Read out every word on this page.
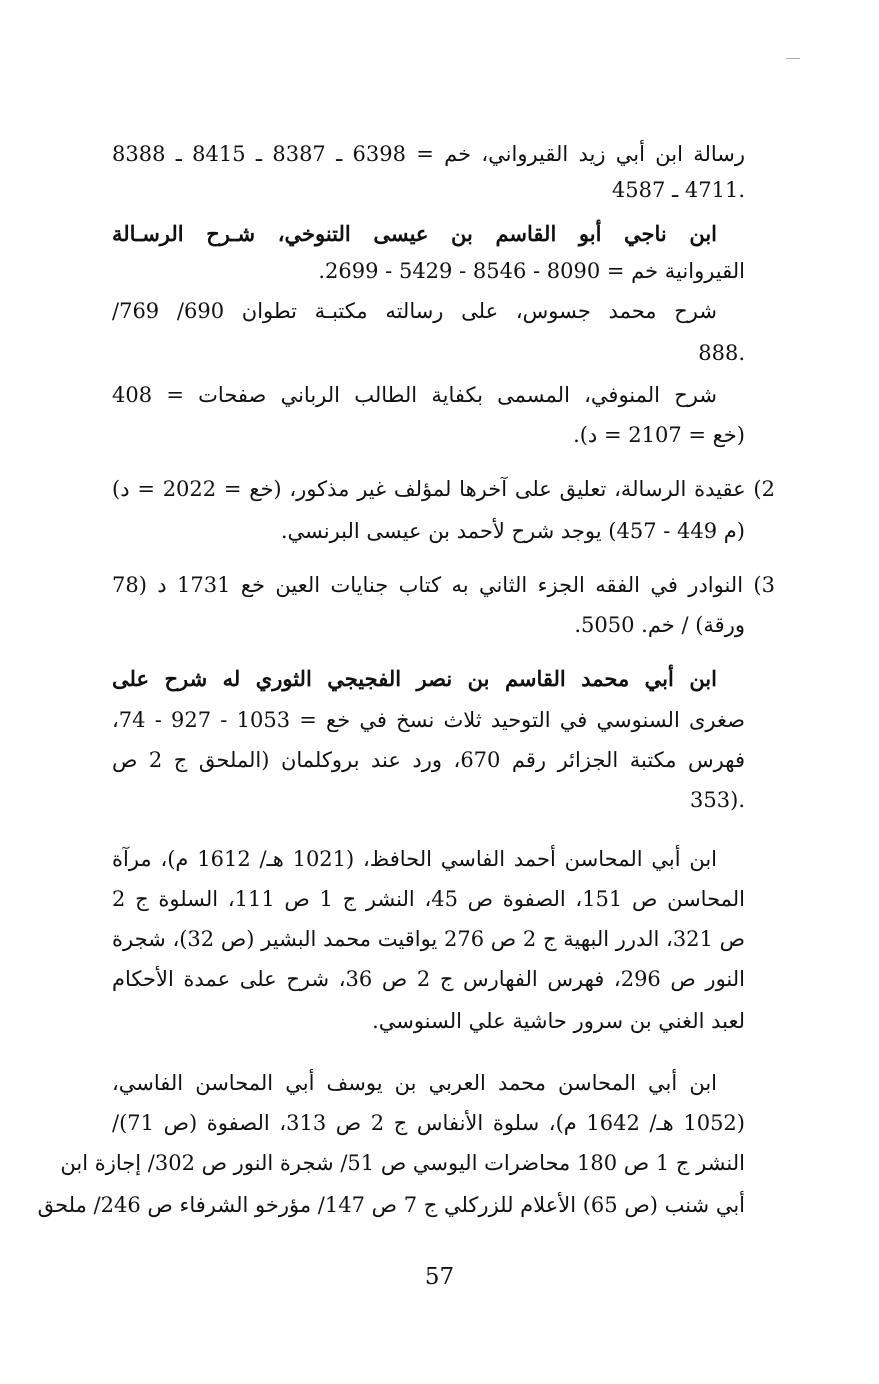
رسالة ابن أبي زيد القيرواني، خم = 6398 ـ 8387 ـ 8415 ـ 8388
.4711 ـ 4587
ابن ناجي أبو القاسم بن عيسى التنوخي، شـرح الرسـالة
القيروانية خم = 8090 - 8546 - 5429 - 2699.
شرح محمد جسوس، على رسالته مكتبـة تطوان 690/ 769/
888.
شرح المنوفي، المسمى بكفاية الطالب الرباني صفحات = 408
(خع = 2107 = د).
2) عقيدة الرسالة، تعليق على آخرها لمؤلف غير مذكور، (خع = 2022 = د)
(م 449 - 457) يوجد شرح لأحمد بن عيسى البرنسي.
3) النوادر في الفقه الجزء الثاني به كتاب جنايات العين خع 1731 د (78
ورقة) / خم. 5050.
ابن أبي محمد القاسم بن نصر الفجيجي الثوري له شرح على
صغرى السنوسي في التوحيد ثلاث نسخ في خع = 1053 - 927 - 74،
فهرس مكتبة الجزائر رقم 670، ورد عند بروكلمان (الملحق ج 2 ص
353).
ابن أبي المحاسن أحمد الفاسي الحافظ، (1021 هـ/ 1612 م)، مرآة
المحاسن ص 151، الصفوة ص 45، النشر ج 1 ص 111، السلوة ج 2
ص 321، الدرر البهية ج 2 ص 276 يواقيت محمد البشير (ص 32)، شجرة
النور ص 296، فهرس الفهارس ج 2 ص 36، شرح على عمدة الأحكام
لعبد الغني بن سرور حاشية علي السنوسي.
ابن أبي المحاسن محمد العربي بن يوسف أبي المحاسن الفاسي،
(1052 هـ/ 1642 م)، سلوة الأنفاس ج 2 ص 313، الصفوة (ص 71)/
النشر ج 1 ص 180 محاضرات اليوسي ص 51/ شجرة النور ص 302/ إجازة ابن
أبي شنب (ص 65) الأعلام للزركلي ج 7 ص 147/ مؤرخو الشرفاء ص 246/ ملحق
57
